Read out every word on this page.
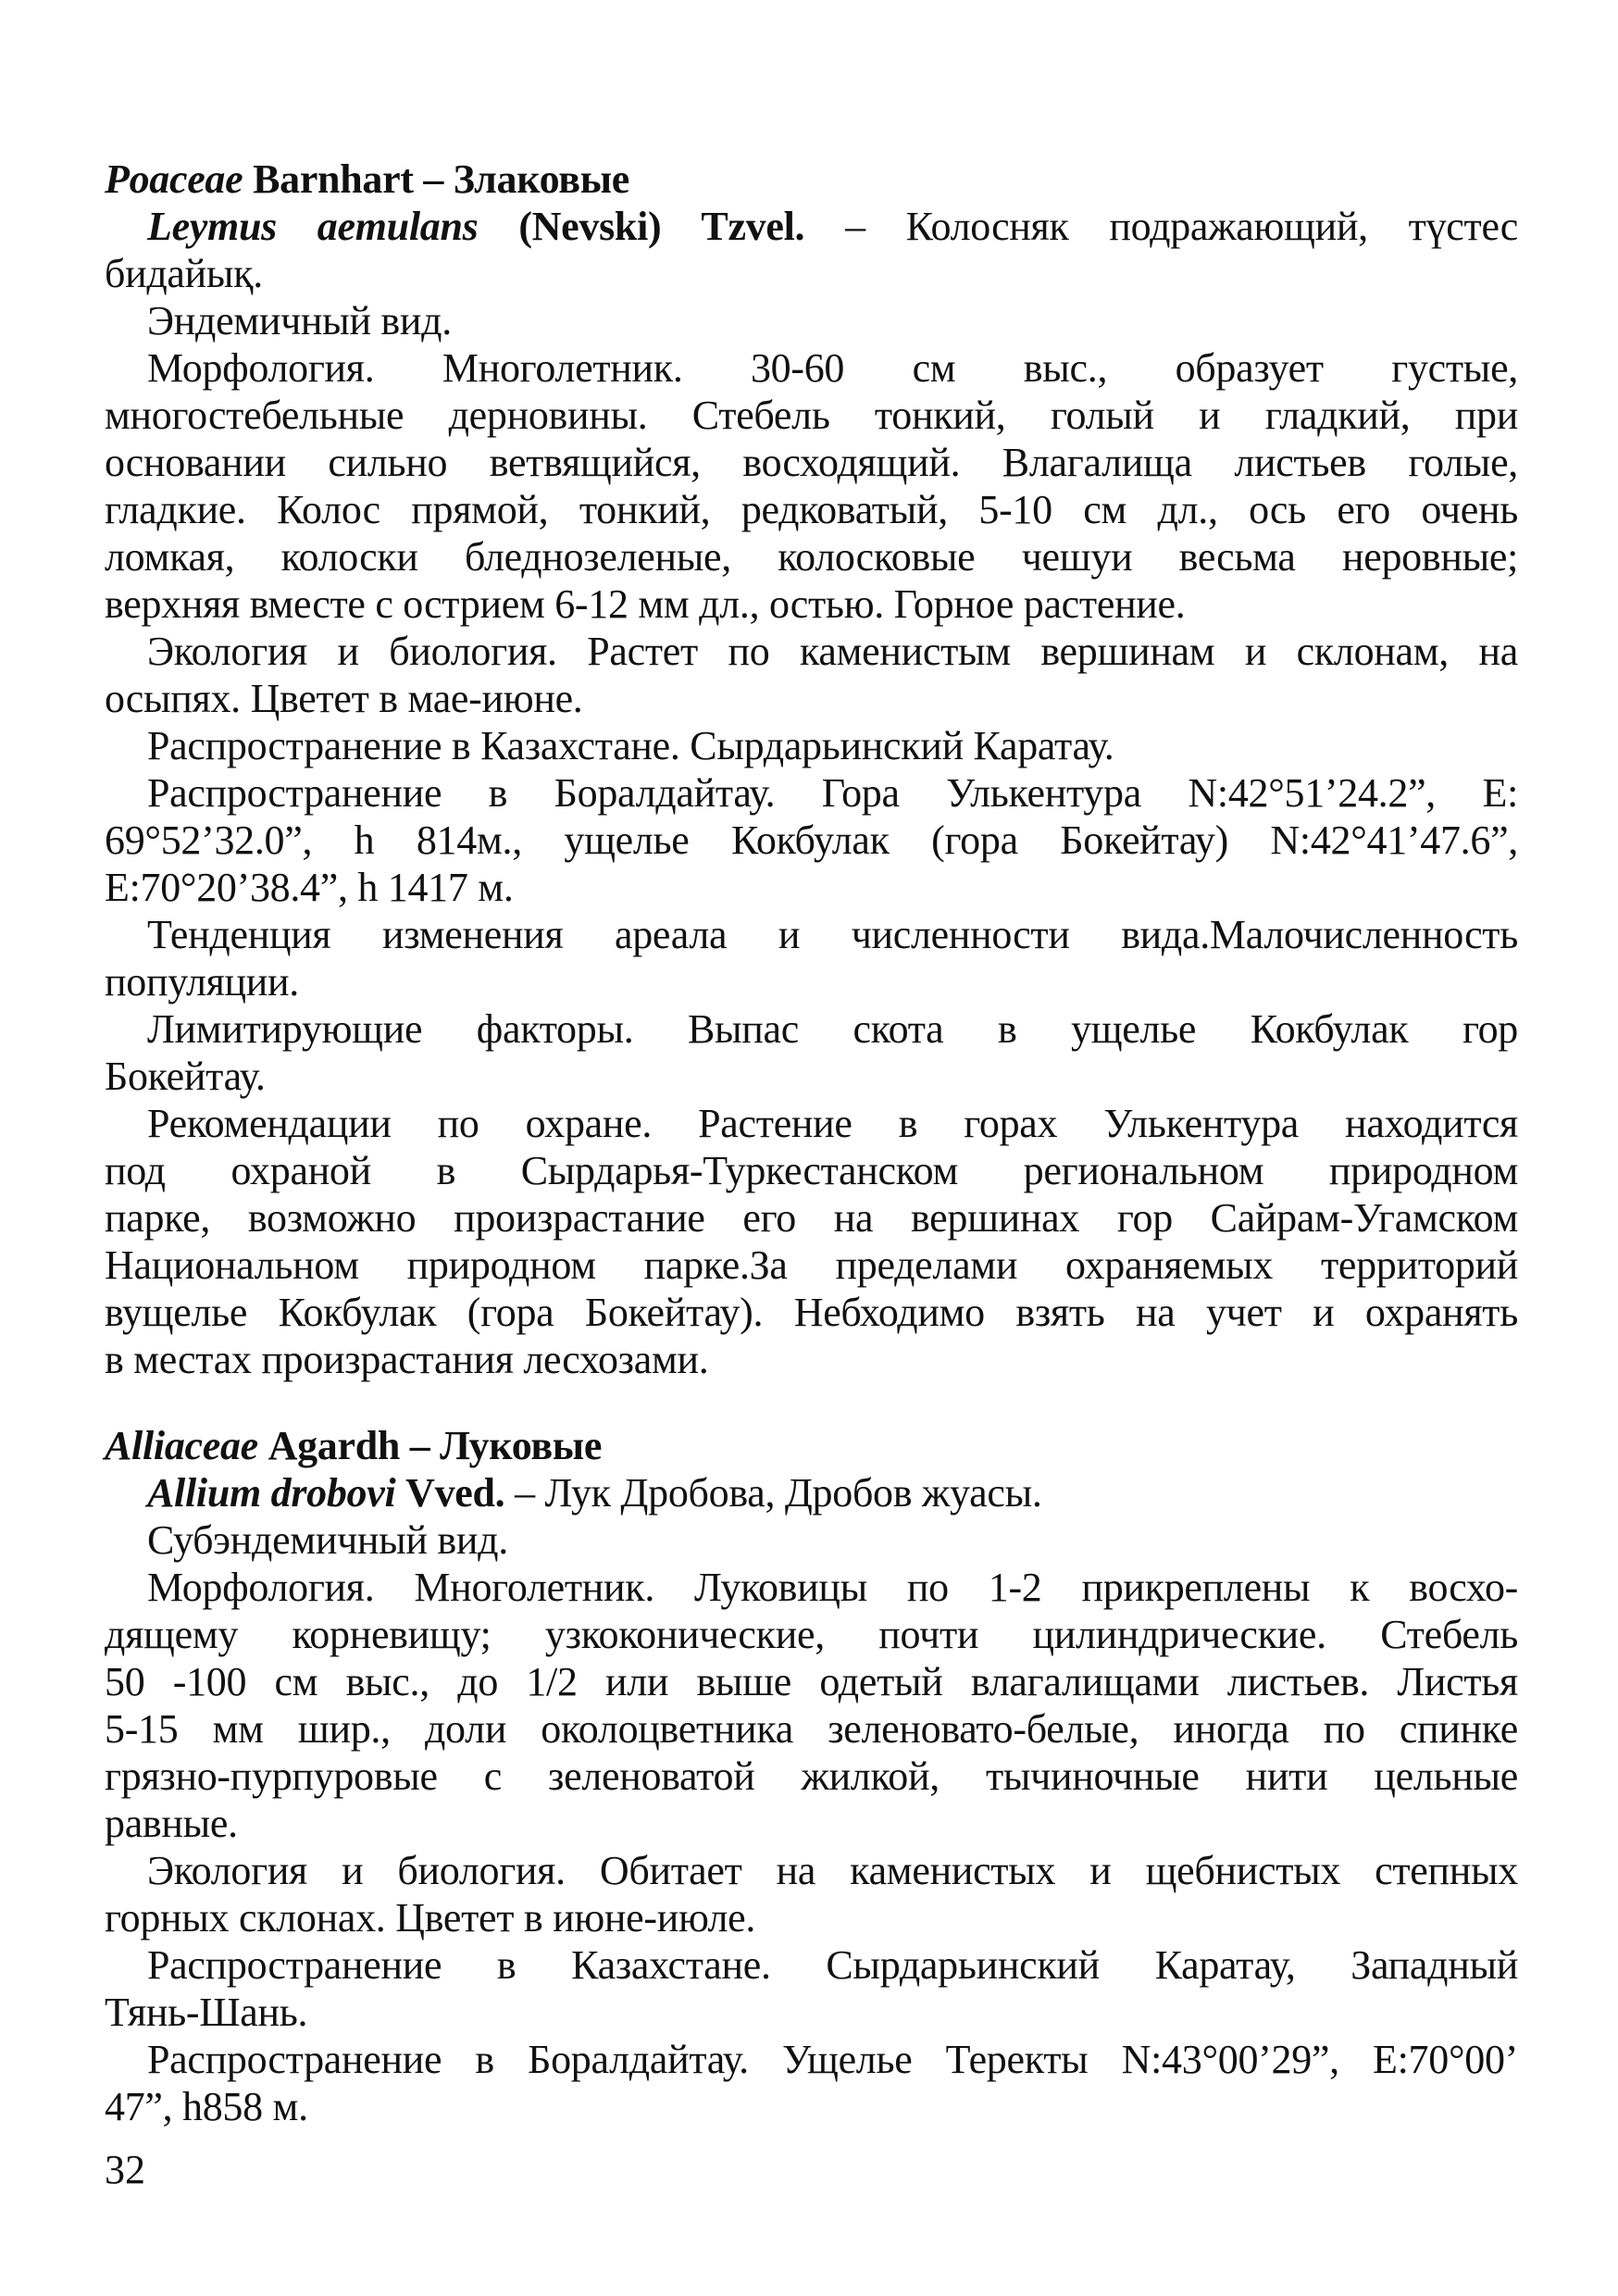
Poaceae Barnhart – Злаковые
Leymus aemulans (Nevski) Tzvel. – Колосняк подражающий, түстес
бидайық.
Эндемичный вид.
Морфология. Многолетник. 30-60 см выс., образует густые,
многостебельные дерновины. Стебель тонкий, голый и гладкий, при
основании сильно ветвящийся, восходящий. Влагалища листьев голые,
гладкие. Колос прямой, тонкий, редковатый, 5-10 см дл., ось его очень
ломкая, колоски бледнозеленые, колосковые чешуи весьма неровные;
верхняя вместе с острием 6-12 мм дл., остью. Горное растение.
Экология и биология. Растет по каменистым вершинам и склонам, на
осыпях. Цветет в мае-июне.
Распространение в Казахстане. Сырдарьинский Каратау.
Распространение в Боралдайтау. Гора Улькентура N:42°51’24.2”, E:
69°52’32.0”, h 814м., ущелье Кокбулак (гора Бокейтау) N:42°41’47.6”,
E:70°20’38.4”, h 1417 м.
Тенденция изменения ареала и численности вида.Малочисленность
популяции.
Лимитирующие факторы. Выпас скота в ущелье Кокбулак гор
Бокейтау.
Рекомендации по охране. Растение в горах Улькентура находится
под охраной в Сырдарья-Туркестанском региональном природном
парке, возможно произрастание его на вершинах гор Сайрам-Угамском
Национальном природном парке.За пределами охраняемых территорий
вущелье Кокбулак (гора Бокейтау). Небходимо взять на учет и охранять
в местах произрастания лесхозами.
Alliaceae Agardh – Луковые
Allium drobovi Vved. – Лук Дробова, Дробов жуасы.
Субэндемичный вид.
Морфология. Многолетник. Луковицы по 1-2 прикреплены к восхо-
дящему корневищу; узкоконические, почти цилиндрические. Стебель
50 -100 см выс., до 1/2 или выше одетый влагалищами листьев. Листья
5-15 мм шир., доли околоцветника зеленовато-белые, иногда по спинке
грязно-пурпуровые с зеленоватой жилкой, тычиночные нити цельные
равные.
Экология и биология. Обитает на каменистых и щебнистых степных
горных склонах. Цветет в июне-июле.
Распространение в Казахстане. Сырдарьинский Каратау, Западный
Тянь-Шань.
Распространение в Боралдайтау. Ущелье Теректы N:43°00’29”, E:70°00’
47”, h858 м.
32
